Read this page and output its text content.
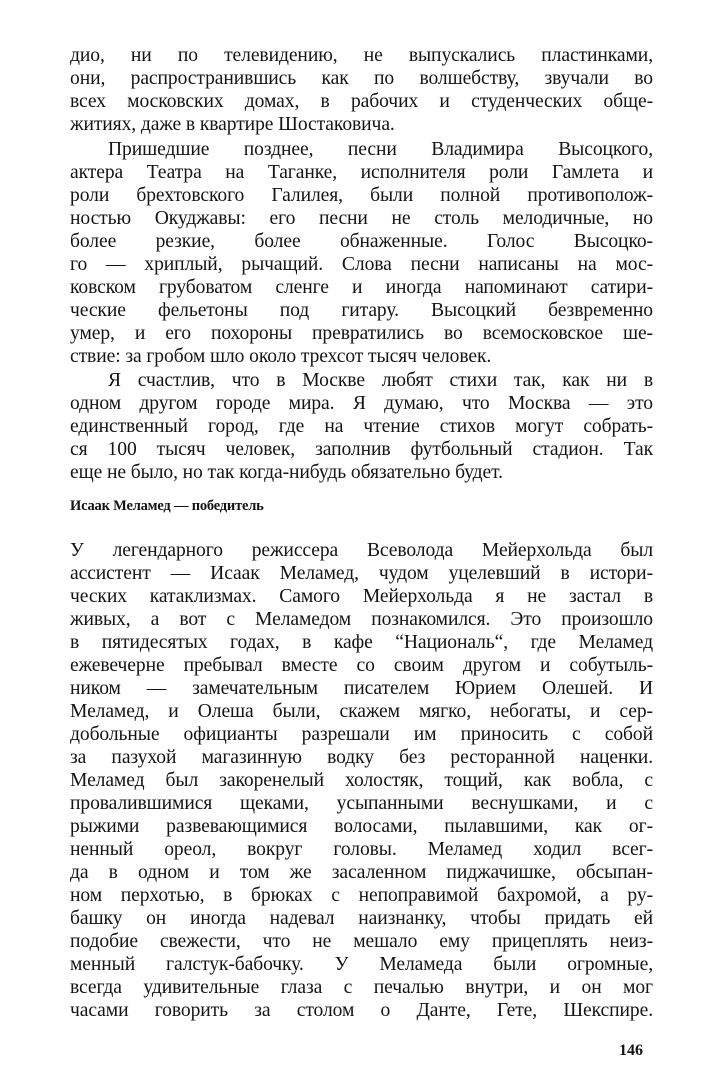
дио, ни по телевидению, не выпускались пластинками,
они, распространившись как по волшебству, звучали во
всех московских домах, в рабочих и студенческих обще-
житиях, даже в квартире Шостаковича.
Пришедшие позднее, песни Владимира Высоцкого,
актера Театра на Таганке, исполнителя роли Гамлета и
роли брехтовского Галилея, были полной противополож-
ностью Окуджавы: его песни не столь мелодичные, но
более резкие, более обнаженные. Голос Высоцко-
го — хриплый, рычащий. Слова песни написаны на мос-
ковском грубоватом сленге и иногда напоминают сатири-
ческие фельетоны под гитару. Высоцкий безвременно
умер, и его похороны превратились во всемосковское ше-
ствие: за гробом шло около трехсот тысяч человек.
Я счастлив, что в Москве любят стихи так, как ни в
одном другом городе мира. Я думаю, что Москва — это
единственный город, где на чтение стихов могут собрать-
ся 100 тысяч человек, заполнив футбольный стадион. Так
еще не было, но так когда-нибудь обязательно будет.
Исаак Меламед — победитель
У легендарного режиссера Всеволода Мейерхольда был
ассистент — Исаак Меламед, чудом уцелевший в истори-
ческих катаклизмах. Самого Мейерхольда я не застал в
живых, а вот с Меламедом познакомился. Это произошло
в пятидесятых годах, в кафе “Националь“, где Меламед
ежевечерне пребывал вместе со своим другом и собутыль-
ником — замечательным писателем Юрием Олешей. И
Меламед, и Олеша были, скажем мягко, небогаты, и сер-
добольные официанты разрешали им приносить с собой
за пазухой магазинную водку без ресторанной наценки.
Меламед был закоренелый холостяк, тощий, как вобла, с
провалившимися щеками, усыпанными веснушками, и с
рыжими развевающимися волосами, пылавшими, как ог-
ненный ореол, вокруг головы. Меламед ходил всег-
да в одном и том же засаленном пиджачишке, обсыпан-
ном перхотью, в брюках с непоправимой бахромой, а ру-
башку он иногда надевал наизнанку, чтобы придать ей
подобие свежести, что не мешало ему прицеплять неиз-
менный галстук-бабочку. У Меламеда были огромные,
всегда удивительные глаза с печалью внутри, и он мог
часами говорить за столом о Данте, Гете, Шекспире.
146
